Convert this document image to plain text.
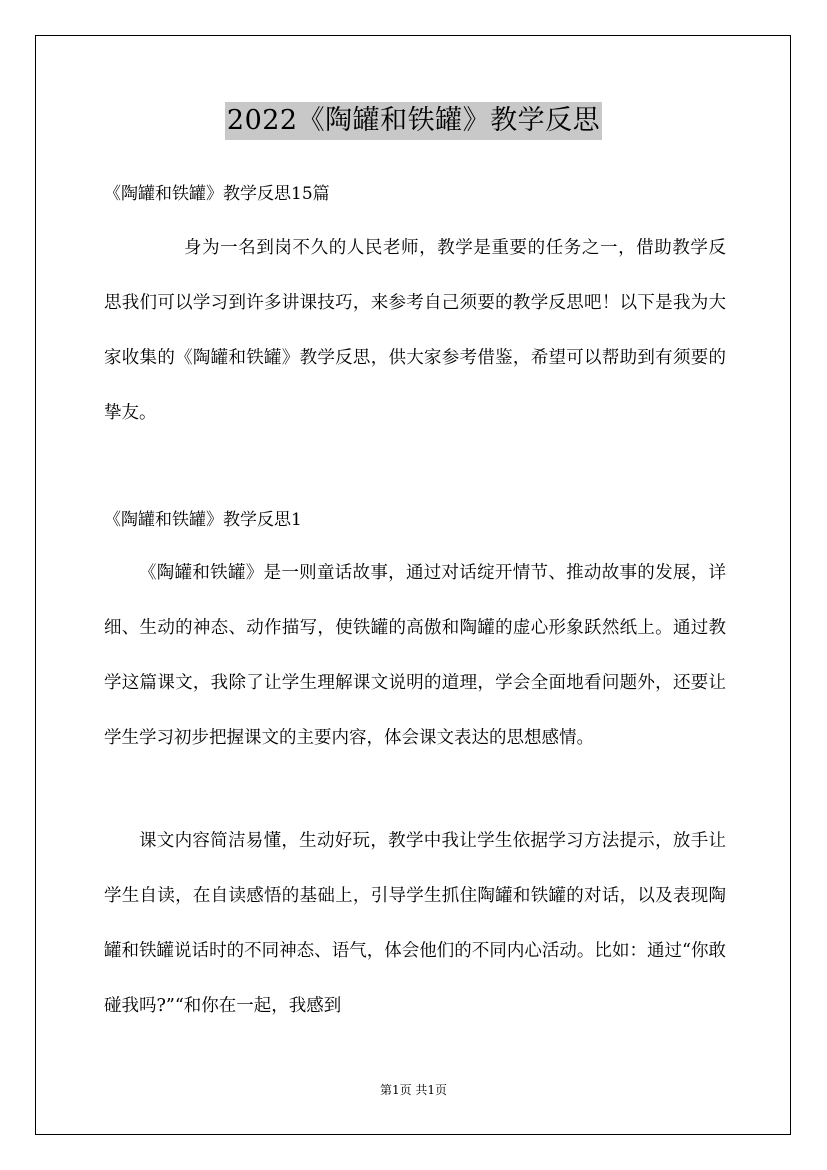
2022《陶罐和铁罐》教学反思
《陶罐和铁罐》教学反思15篇
身为一名到岗不久的人民老师，教学是重要的任务之一，借助教学反思我们可以学习到许多讲课技巧，来参考自己须要的教学反思吧！以下是我为大家收集的《陶罐和铁罐》教学反思，供大家参考借鉴，希望可以帮助到有须要的挚友。
《陶罐和铁罐》教学反思1
《陶罐和铁罐》是一则童话故事，通过对话绽开情节、推动故事的发展，详细、生动的神态、动作描写，使铁罐的高傲和陶罐的虚心形象跃然纸上。通过教学这篇课文，我除了让学生理解课文说明的道理，学会全面地看问题外，还要让学生学习初步把握课文的主要内容，体会课文表达的思想感情。
课文内容简洁易懂，生动好玩，教学中我让学生依据学习方法提示，放手让学生自读，在自读感悟的基础上，引导学生抓住陶罐和铁罐的对话，以及表现陶罐和铁罐说话时的不同神态、语气，体会他们的不同内心活动。比如：通过“你敢碰我吗?”“和你在一起，我感到
第1页 共1页
